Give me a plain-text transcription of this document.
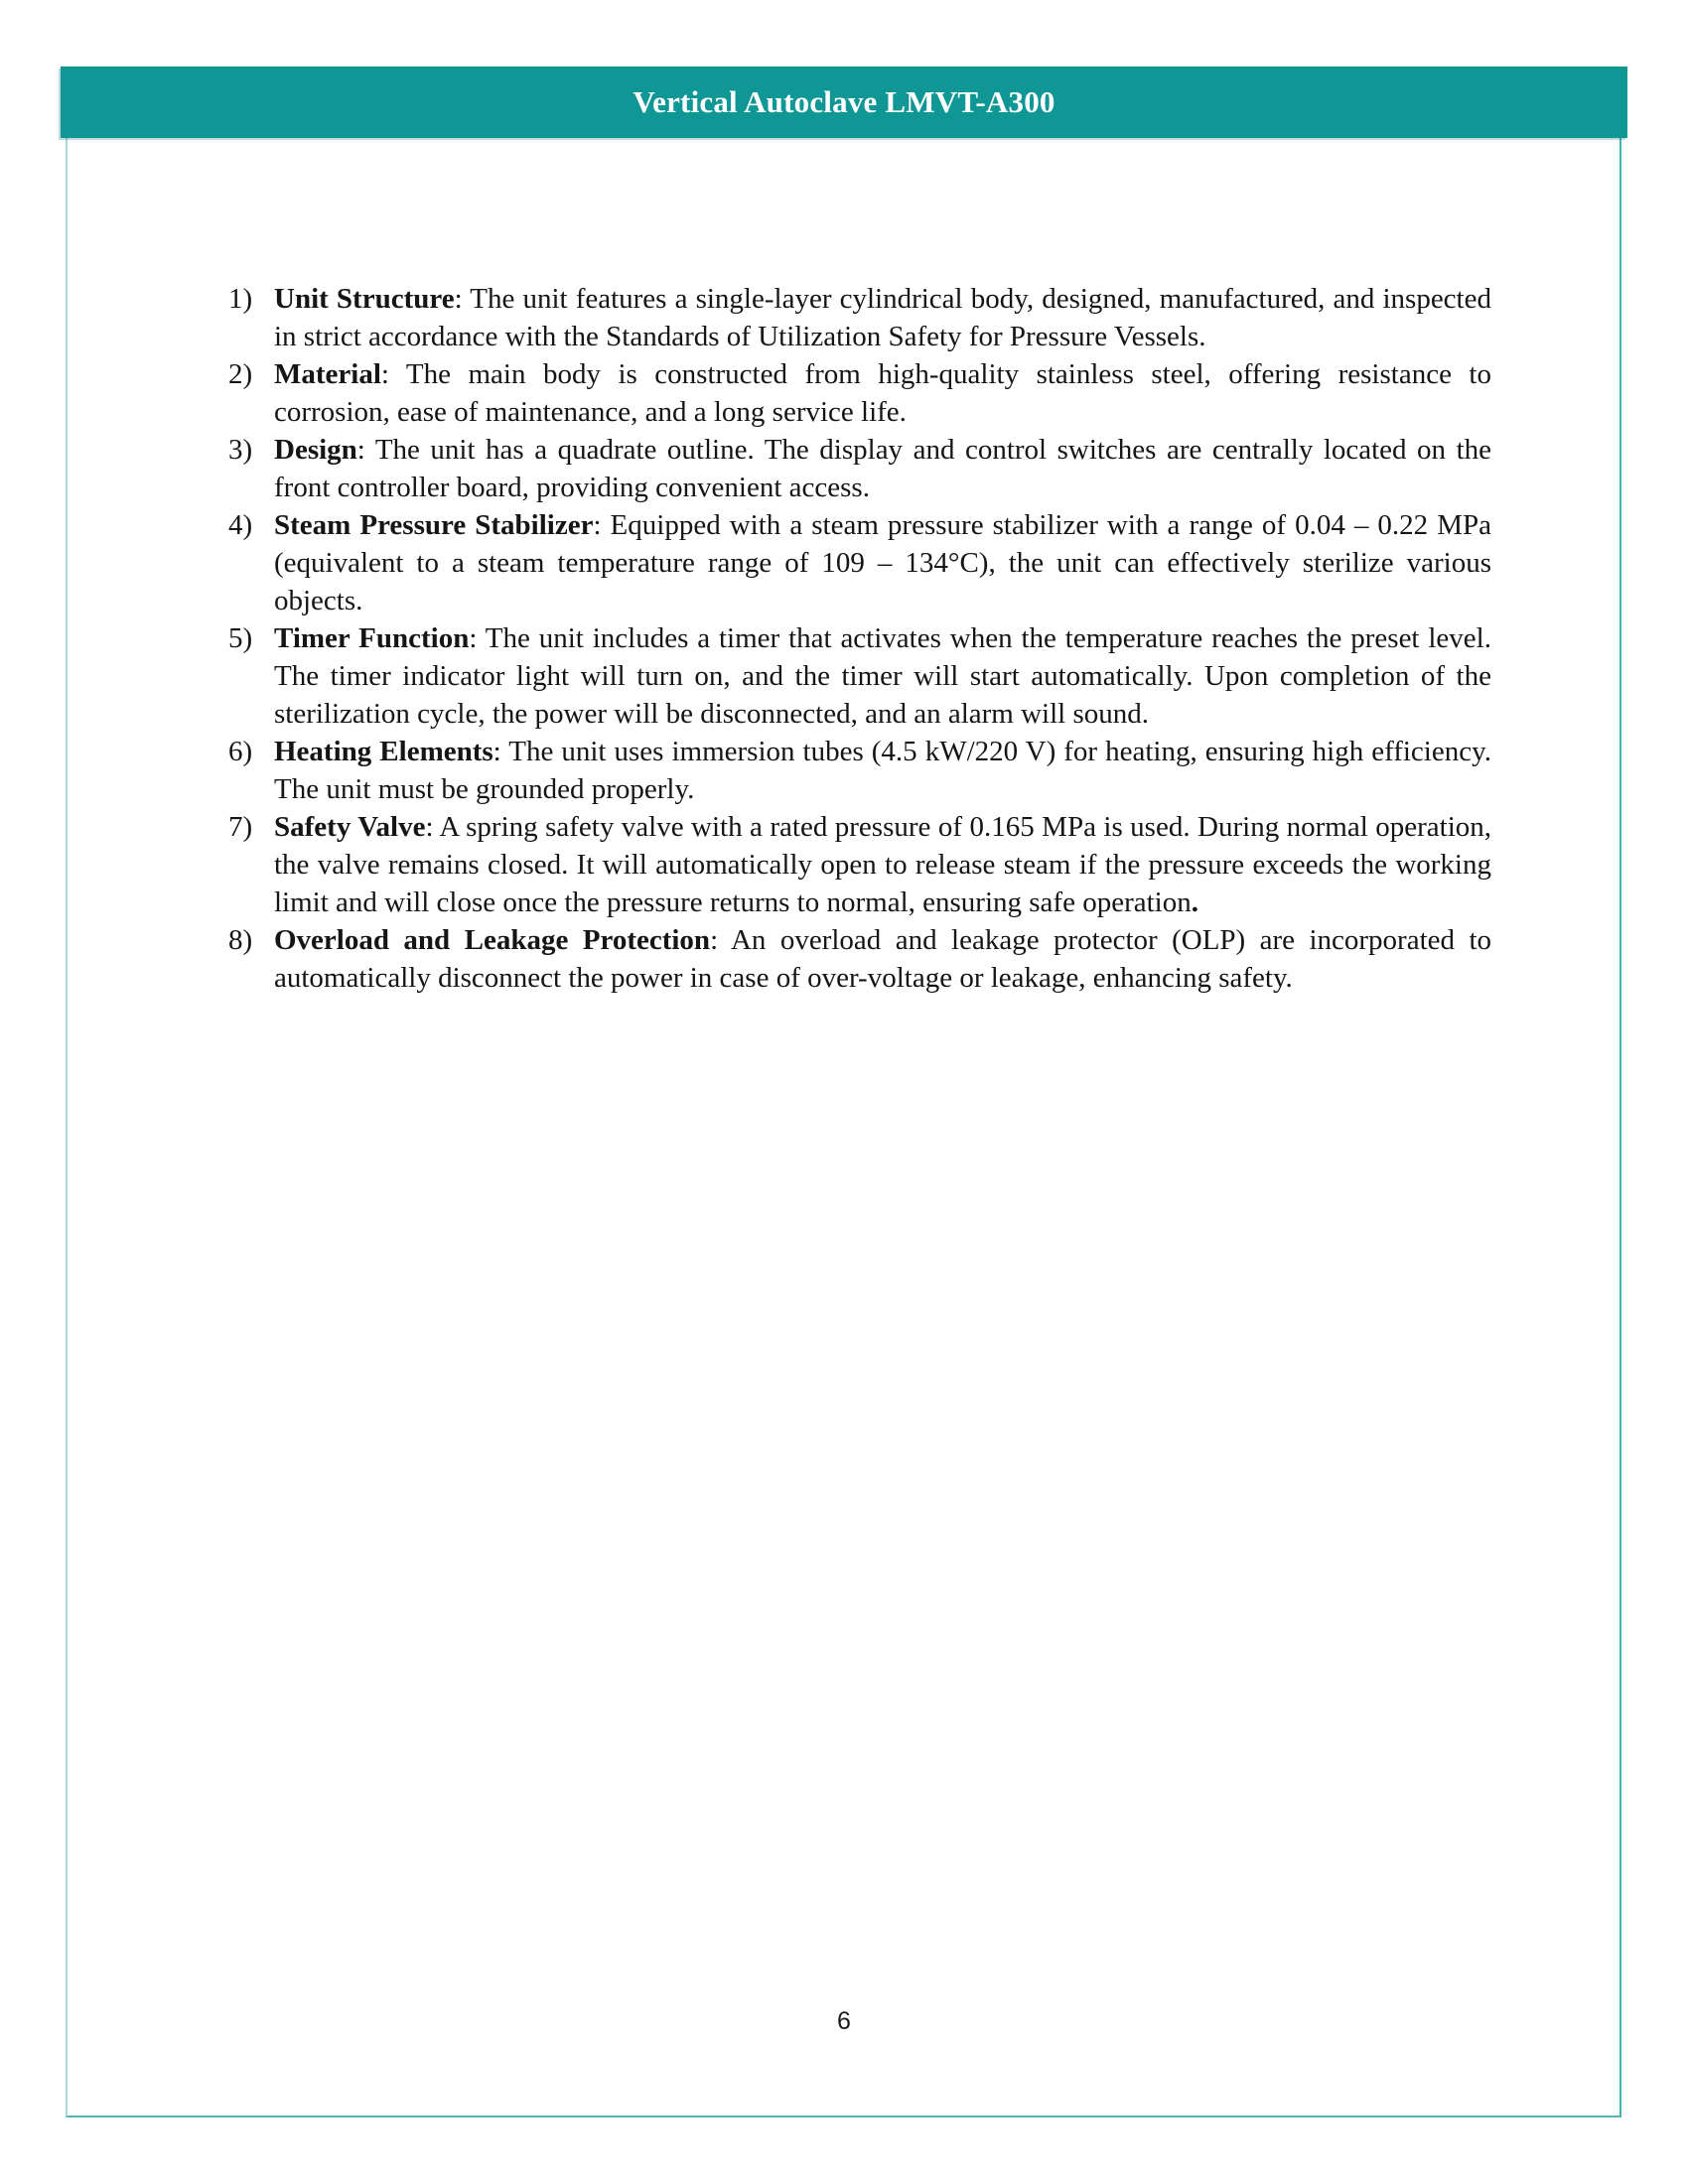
Vertical Autoclave LMVT-A300
1) Unit Structure: The unit features a single-layer cylindrical body, designed, manufactured, and inspected in strict accordance with the Standards of Utilization Safety for Pressure Vessels.
2) Material: The main body is constructed from high-quality stainless steel, offering resistance to corrosion, ease of maintenance, and a long service life.
3) Design: The unit has a quadrate outline. The display and control switches are centrally located on the front controller board, providing convenient access.
4) Steam Pressure Stabilizer: Equipped with a steam pressure stabilizer with a range of 0.04 – 0.22 MPa (equivalent to a steam temperature range of 109 – 134°C), the unit can effectively sterilize various objects.
5) Timer Function: The unit includes a timer that activates when the temperature reaches the preset level. The timer indicator light will turn on, and the timer will start automatically. Upon completion of the sterilization cycle, the power will be disconnected, and an alarm will sound.
6) Heating Elements: The unit uses immersion tubes (4.5 kW/220 V) for heating, ensuring high efficiency. The unit must be grounded properly.
7) Safety Valve: A spring safety valve with a rated pressure of 0.165 MPa is used. During normal operation, the valve remains closed. It will automatically open to release steam if the pressure exceeds the working limit and will close once the pressure returns to normal, ensuring safe operation.
8) Overload and Leakage Protection: An overload and leakage protector (OLP) are incorporated to automatically disconnect the power in case of over-voltage or leakage, enhancing safety.
6
